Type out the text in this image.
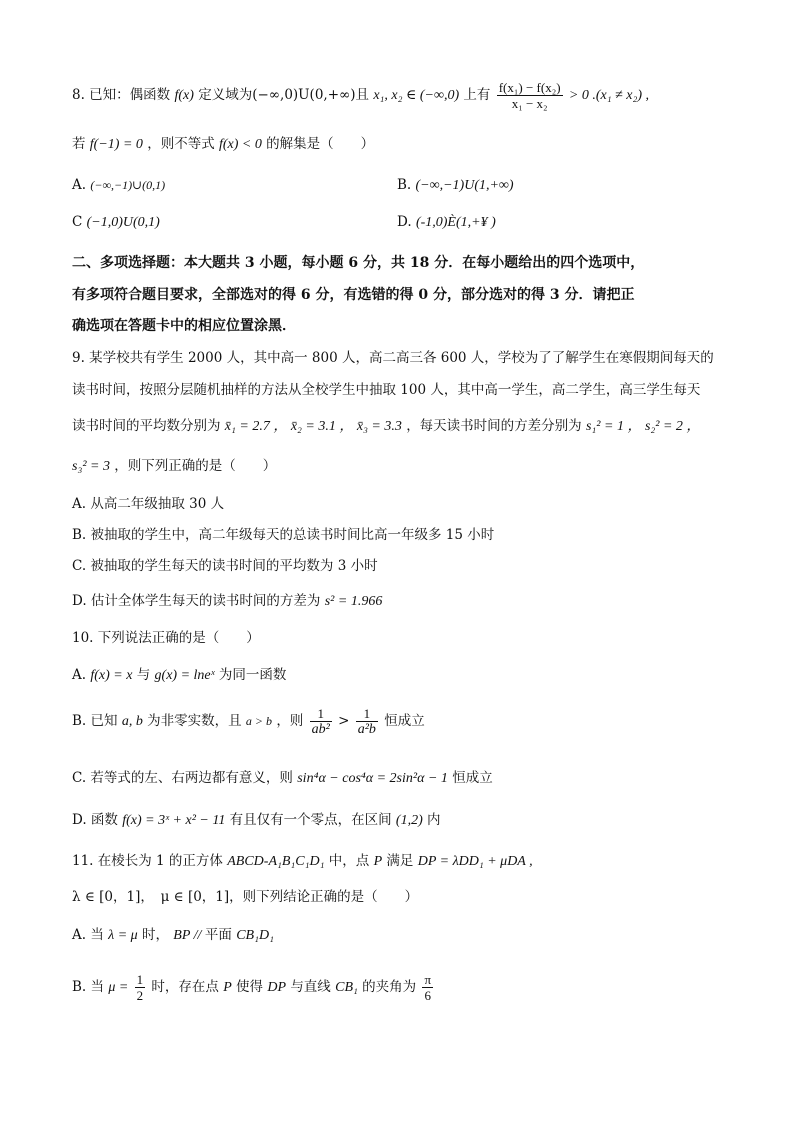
8. 已知：偶函数 f(x) 定义域为(−∞,0)U(0,+∞)且 x₁, x₂ ∈ (−∞,0) 上有 $\frac{\text{f(x₁) − f(x₂)}}{\text{x₁ − x₂}} > 0$ .(x₁ ≠ x₂) ,
若 f(−1) = 0 ，则不等式 f(x) < 0 的解集是（　　）
A. (−∞,−1)∪(0,1)	B. (−∞,−1)U(1,+∞)
C (−1,0)U(0,1)	D. (-1,0)È(1,+¥ )
二、多项选择题：本大题共 3 小题，每小题 6 分，共 18 分．在每小题给出的四个选项中，
有多项符合题目要求，全部选对的得 6 分，有选错的得 0 分，部分选对的得 3 分．请把正
确选项在答题卡中的相应位置涂黑．
9. 某学校共有学生 2000 人，其中高一 800 人，高二高三各 600 人，学校为了了解学生在寒假期间每天的
读书时间，按照分层随机抽样的方法从全校学生中抽取 100 人，其中高一学生，高二学生，高三学生每天
读书时间的平均数分别为 x̄₁ = 2.7 ， x̄₂ = 3.1 ， x̄₃ = 3.3 ，每天读书时间的方差分别为 s₁² = 1 ， s₂² = 2 ，
s₃² = 3 ，则下列正确的是（　　）
A. 从高二年级抽取 30 人
B. 被抽取的学生中，高二年级每天的总读书时间比高一年级多 15 小时
C. 被抽取的学生每天的读书时间的平均数为 3 小时
D. 估计全体学生每天的读书时间的方差为 s² = 1.966
10. 下列说法正确的是（　　）
A. f(x) = x 与 g(x) = lneˣ 为同一函数
B. 已知 a, b 为非零实数，且 a > b ，则 $\frac{1}{\text{ab²}} > \frac{1}{\text{a²b}}$ 恒成立
C. 若等式的左、右两边都有意义，则 sin⁴α − cos⁴α = 2sin²α − 1 恒成立
D. 函数 f(x) = 3ˣ + x² − 11 有且仅有一个零点，在区间 (1,2) 内
11. 在棱长为 1 的正方体 ABCD-A₁B₁C₁D₁ 中，点 P 满足 DP = λDD₁ + μDA ,
λ ∈ [0，1]，　μ ∈ [0，1]，则下列结论正确的是（　　）
A. 当 λ = μ 时， BP // 平面 CB₁D₁
B. 当 $\mu = \frac{1}{2}$ 时，存在点 P 使得 DP 与直线 CB₁ 的夹角为 $\frac{\pi}{6}$
